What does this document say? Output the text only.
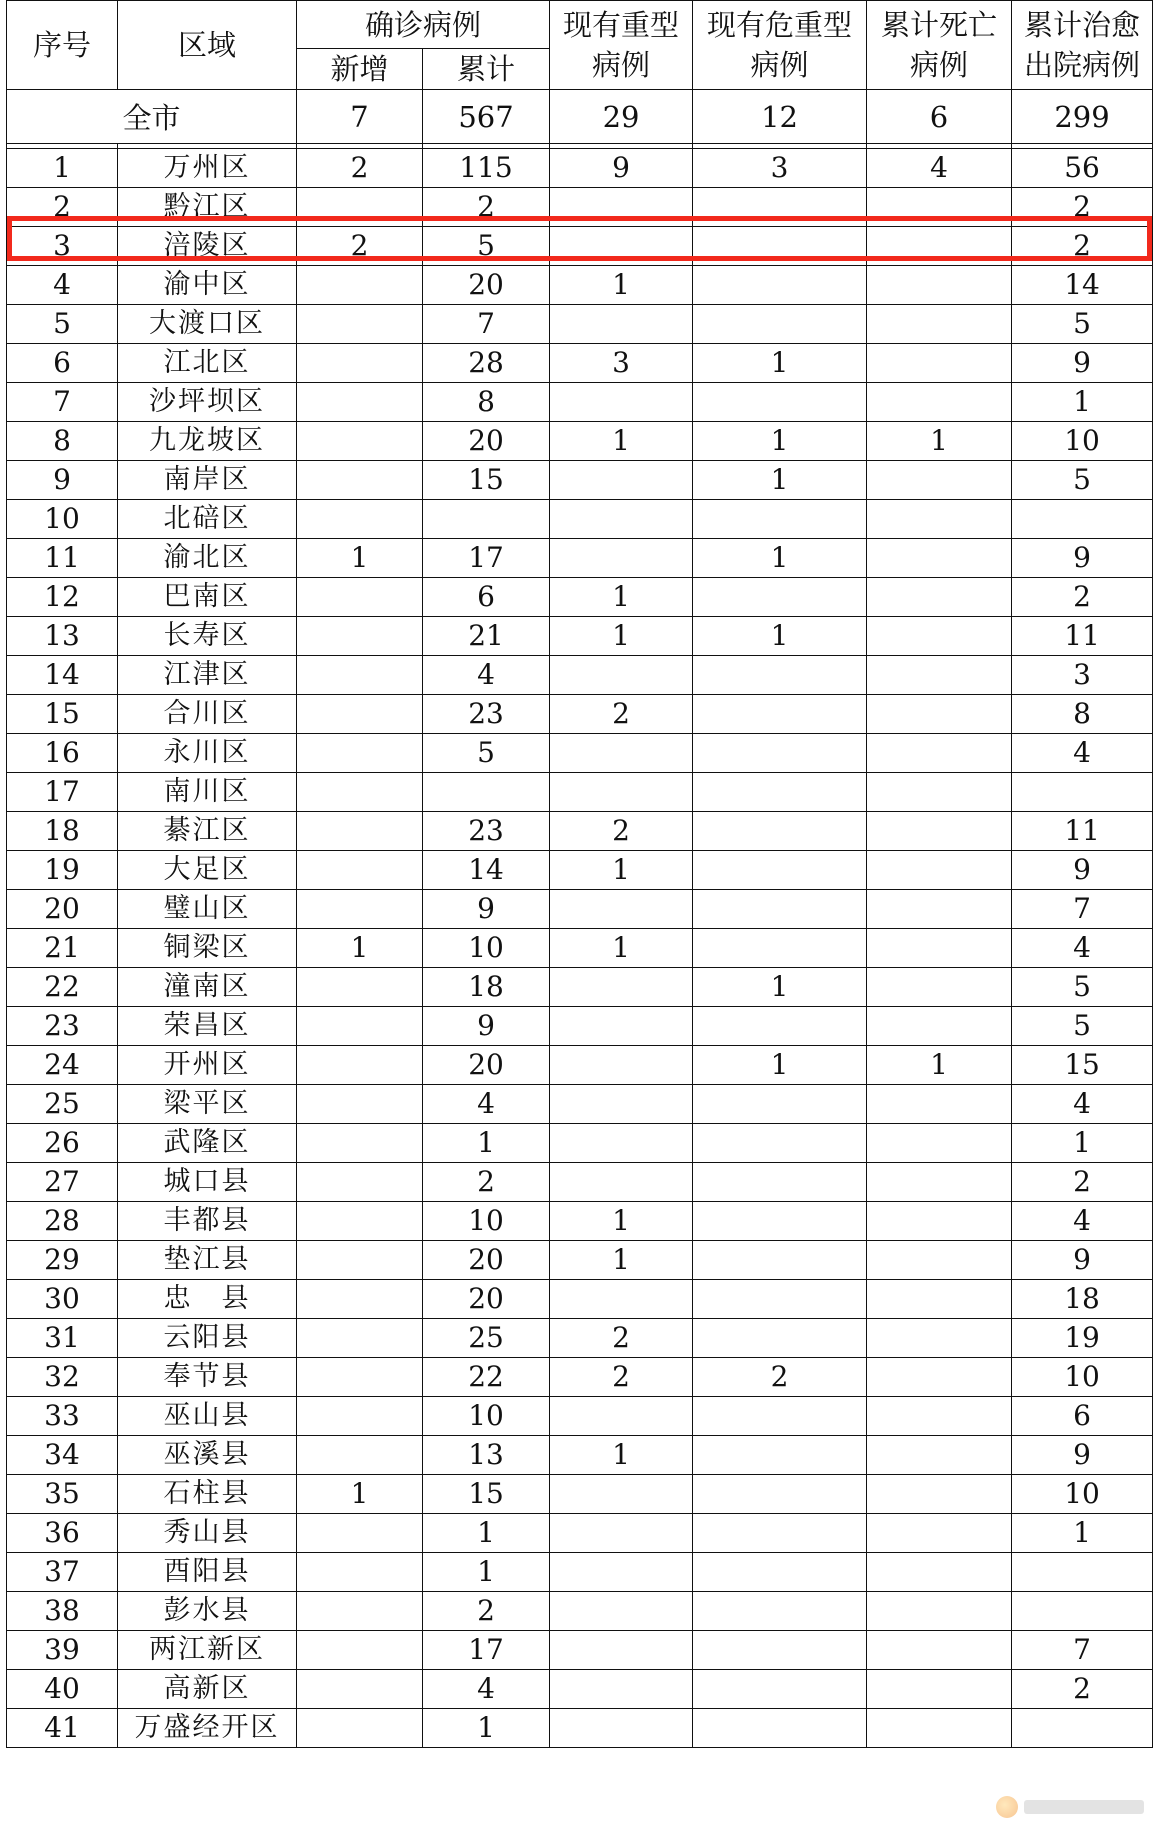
序号	区域	确诊病例		现有重型病例	现有危重型病例	累计死亡病例	累计治愈出院病例
		新增	累计				
全市		7	567	29	12	6	299

1	万州区	2	115	9	3	4	56
2	黔江区		2				2
3	涪陵区	2	5				2
4	渝中区		20	1			14
5	大渡口区		7				5
6	江北区		28	3	1		9
7	沙坪坝区		8				1
8	九龙坡区		20	1	1	1	10
9	南岸区		15		1		5
10	北碚区						
11	渝北区	1	17		1		9
12	巴南区		6	1			2
13	长寿区		21	1	1		11
14	江津区		4				3
15	合川区		23	2			8
16	永川区		5				4
17	南川区						
18	綦江区		23	2			11
19	大足区		14	1			9
20	璧山区		9				7
21	铜梁区	1	10	1			4
22	潼南区		18		1		5
23	荣昌区		9				5
24	开州区		20		1	1	15
25	梁平区		4				4
26	武隆区		1				1
27	城口县		2				2
28	丰都县		10	1			4
29	垫江县		20	1			9
30	忠　县		20				18
31	云阳县		25	2			19
32	奉节县		22	2	2		10
33	巫山县		10				6
34	巫溪县		13	1			9
35	石柱县	1	15				10
36	秀山县		1				1
37	酉阳县		1				
38	彭水县		2				
39	两江新区		17				7
40	高新区		4				2
41	万盛经开区		1				
